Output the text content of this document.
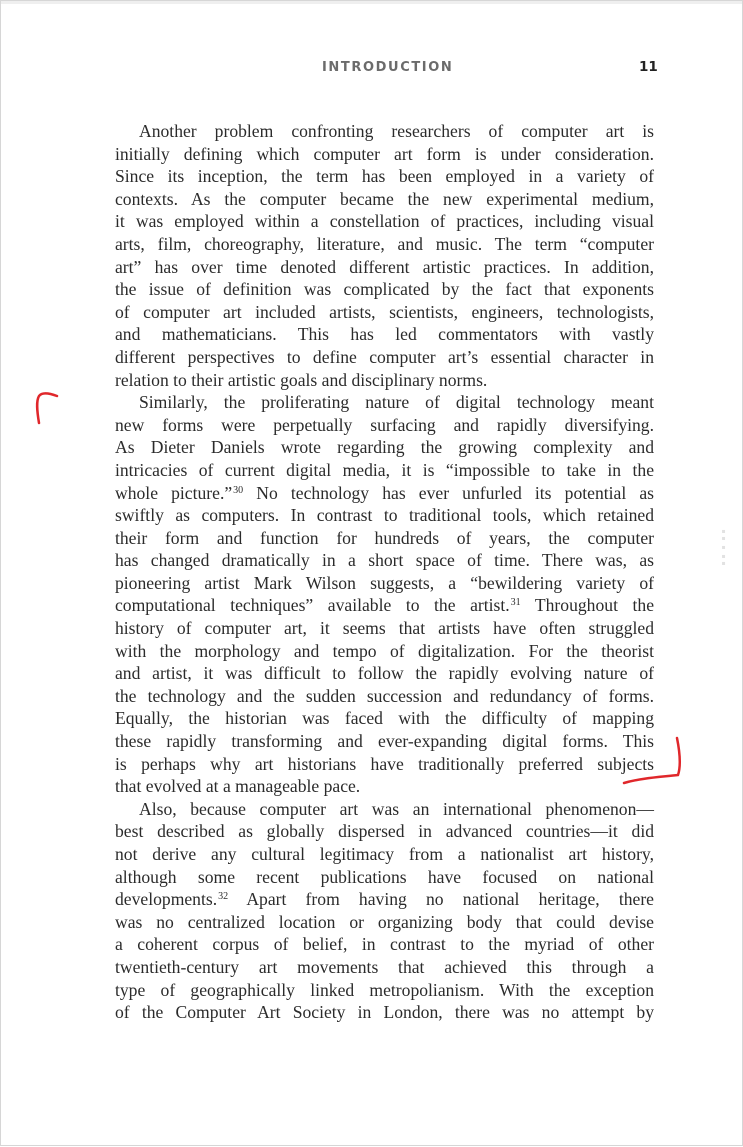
INTRODUCTION	11
Another problem confronting researchers of computer art is
initially defining which computer art form is under consideration.
Since its inception, the term has been employed in a variety of
contexts. As the computer became the new experimental medium,
it was employed within a constellation of practices, including visual
arts, film, choreography, literature, and music. The term “computer
art” has over time denoted different artistic practices. In addition,
the issue of definition was complicated by the fact that exponents
of computer art included artists, scientists, engineers, technologists,
and mathematicians. This has led commentators with vastly
different perspectives to define computer art’s essential character in
relation to their artistic goals and disciplinary norms.
Similarly, the proliferating nature of digital technology meant
new forms were perpetually surfacing and rapidly diversifying.
As Dieter Daniels wrote regarding the growing complexity and
intricacies of current digital media, it is “impossible to take in the
whole picture.”$^{30}$ No technology has ever unfurled its potential as
swiftly as computers. In contrast to traditional tools, which retained
their form and function for hundreds of years, the computer
has changed dramatically in a short space of time. There was, as
pioneering artist Mark Wilson suggests, a “bewildering variety of
computational techniques” available to the artist.$^{31}$ Throughout the
history of computer art, it seems that artists have often struggled
with the morphology and tempo of digitalization. For the theorist
and artist, it was difficult to follow the rapidly evolving nature of
the technology and the sudden succession and redundancy of forms.
Equally, the historian was faced with the difficulty of mapping
these rapidly transforming and ever-expanding digital forms. This
is perhaps why art historians have traditionally preferred subjects
that evolved at a manageable pace.
Also, because computer art was an international phenomenon—
best described as globally dispersed in advanced countries—it did
not derive any cultural legitimacy from a nationalist art history,
although some recent publications have focused on national
developments.$^{32}$ Apart from having no national heritage, there
was no centralized location or organizing body that could devise
a coherent corpus of belief, in contrast to the myriad of other
twentieth-century art movements that achieved this through a
type of geographically linked metropolianism. With the exception
of the Computer Art Society in London, there was no attempt by
▪▪ ▪ ▪▪
